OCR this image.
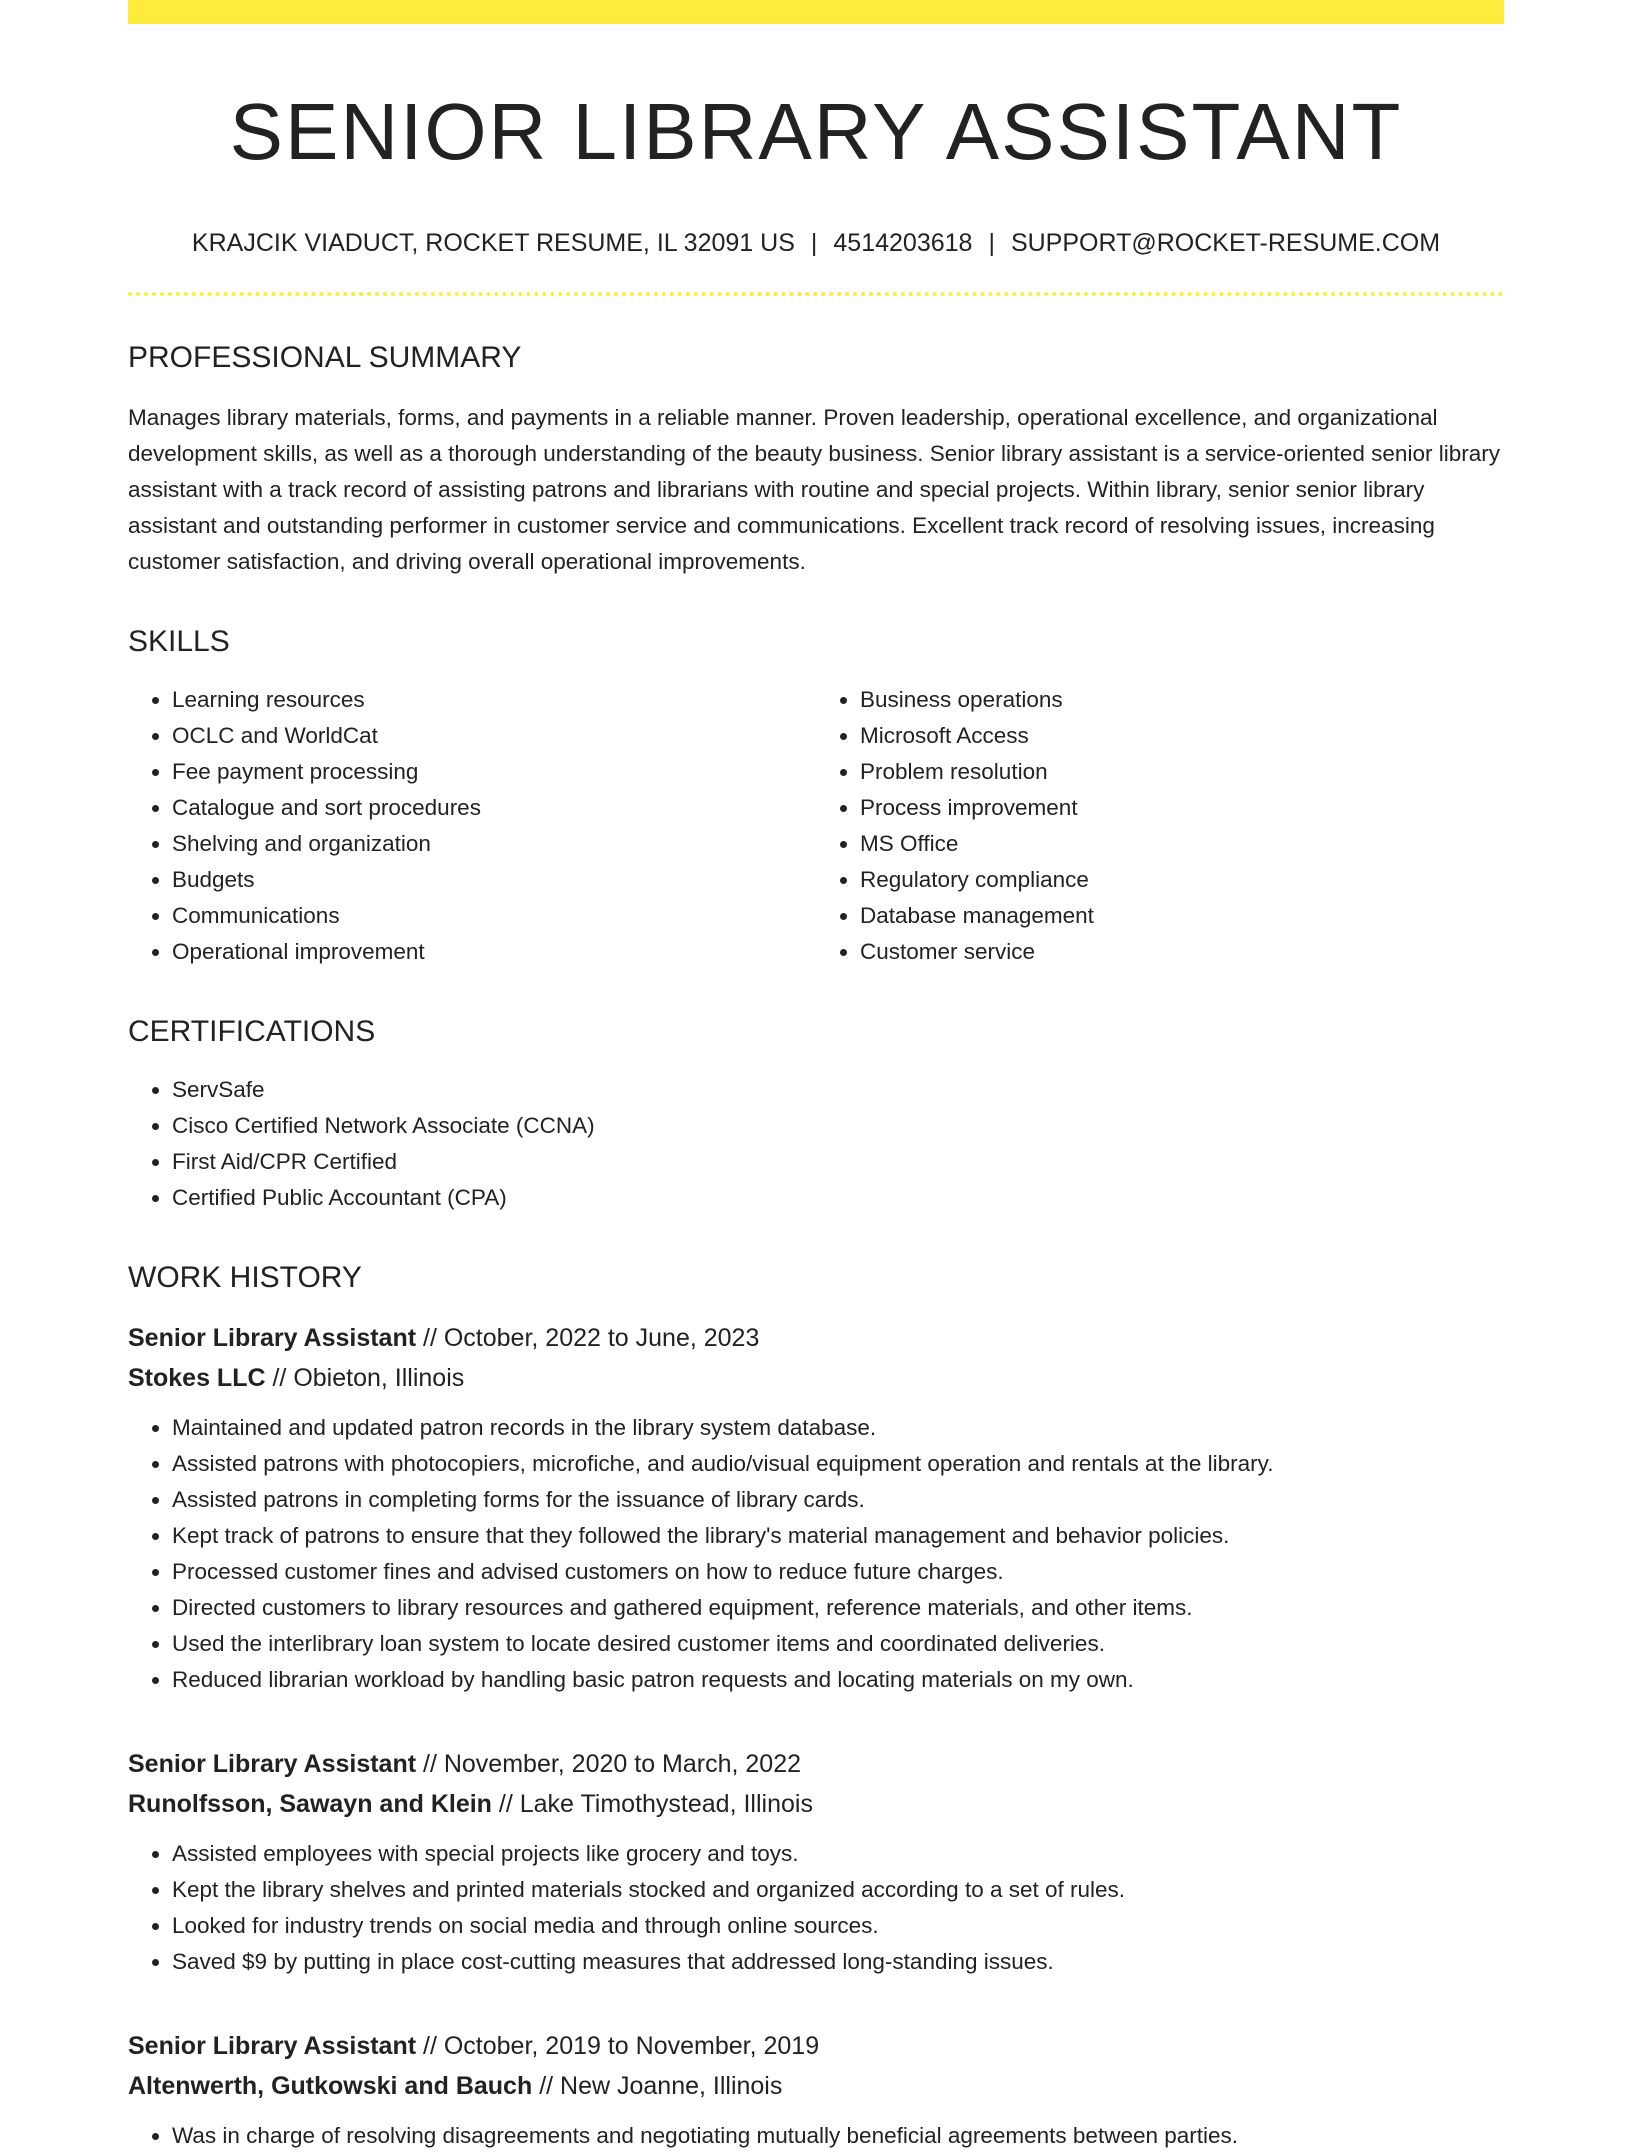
SENIOR LIBRARY ASSISTANT
KRAJCIK VIADUCT, ROCKET RESUME, IL 32091 US | 4514203618 | SUPPORT@ROCKET-RESUME.COM
PROFESSIONAL SUMMARY
Manages library materials, forms, and payments in a reliable manner. Proven leadership, operational excellence, and organizational development skills, as well as a thorough understanding of the beauty business. Senior library assistant is a service-oriented senior library assistant with a track record of assisting patrons and librarians with routine and special projects. Within library, senior senior library assistant and outstanding performer in customer service and communications. Excellent track record of resolving issues, increasing customer satisfaction, and driving overall operational improvements.
SKILLS
• Learning resources
• OCLC and WorldCat
• Fee payment processing
• Catalogue and sort procedures
• Shelving and organization
• Budgets
• Communications
• Operational improvement
• Business operations
• Microsoft Access
• Problem resolution
• Process improvement
• MS Office
• Regulatory compliance
• Database management
• Customer service
CERTIFICATIONS
• ServSafe
• Cisco Certified Network Associate (CCNA)
• First Aid/CPR Certified
• Certified Public Accountant (CPA)
WORK HISTORY
Senior Library Assistant // October, 2022 to June, 2023
Stokes LLC // Obieton, Illinois
• Maintained and updated patron records in the library system database.
• Assisted patrons with photocopiers, microfiche, and audio/visual equipment operation and rentals at the library.
• Assisted patrons in completing forms for the issuance of library cards.
• Kept track of patrons to ensure that they followed the library's material management and behavior policies.
• Processed customer fines and advised customers on how to reduce future charges.
• Directed customers to library resources and gathered equipment, reference materials, and other items.
• Used the interlibrary loan system to locate desired customer items and coordinated deliveries.
• Reduced librarian workload by handling basic patron requests and locating materials on my own.
Senior Library Assistant // November, 2020 to March, 2022
Runolfsson, Sawayn and Klein // Lake Timothystead, Illinois
• Assisted employees with special projects like grocery and toys.
• Kept the library shelves and printed materials stocked and organized according to a set of rules.
• Looked for industry trends on social media and through online sources.
• Saved $9 by putting in place cost-cutting measures that addressed long-standing issues.
Senior Library Assistant // October, 2019 to November, 2019
Altenwerth, Gutkowski and Bauch // New Joanne, Illinois
• Was in charge of resolving disagreements and negotiating mutually beneficial agreements between parties.
